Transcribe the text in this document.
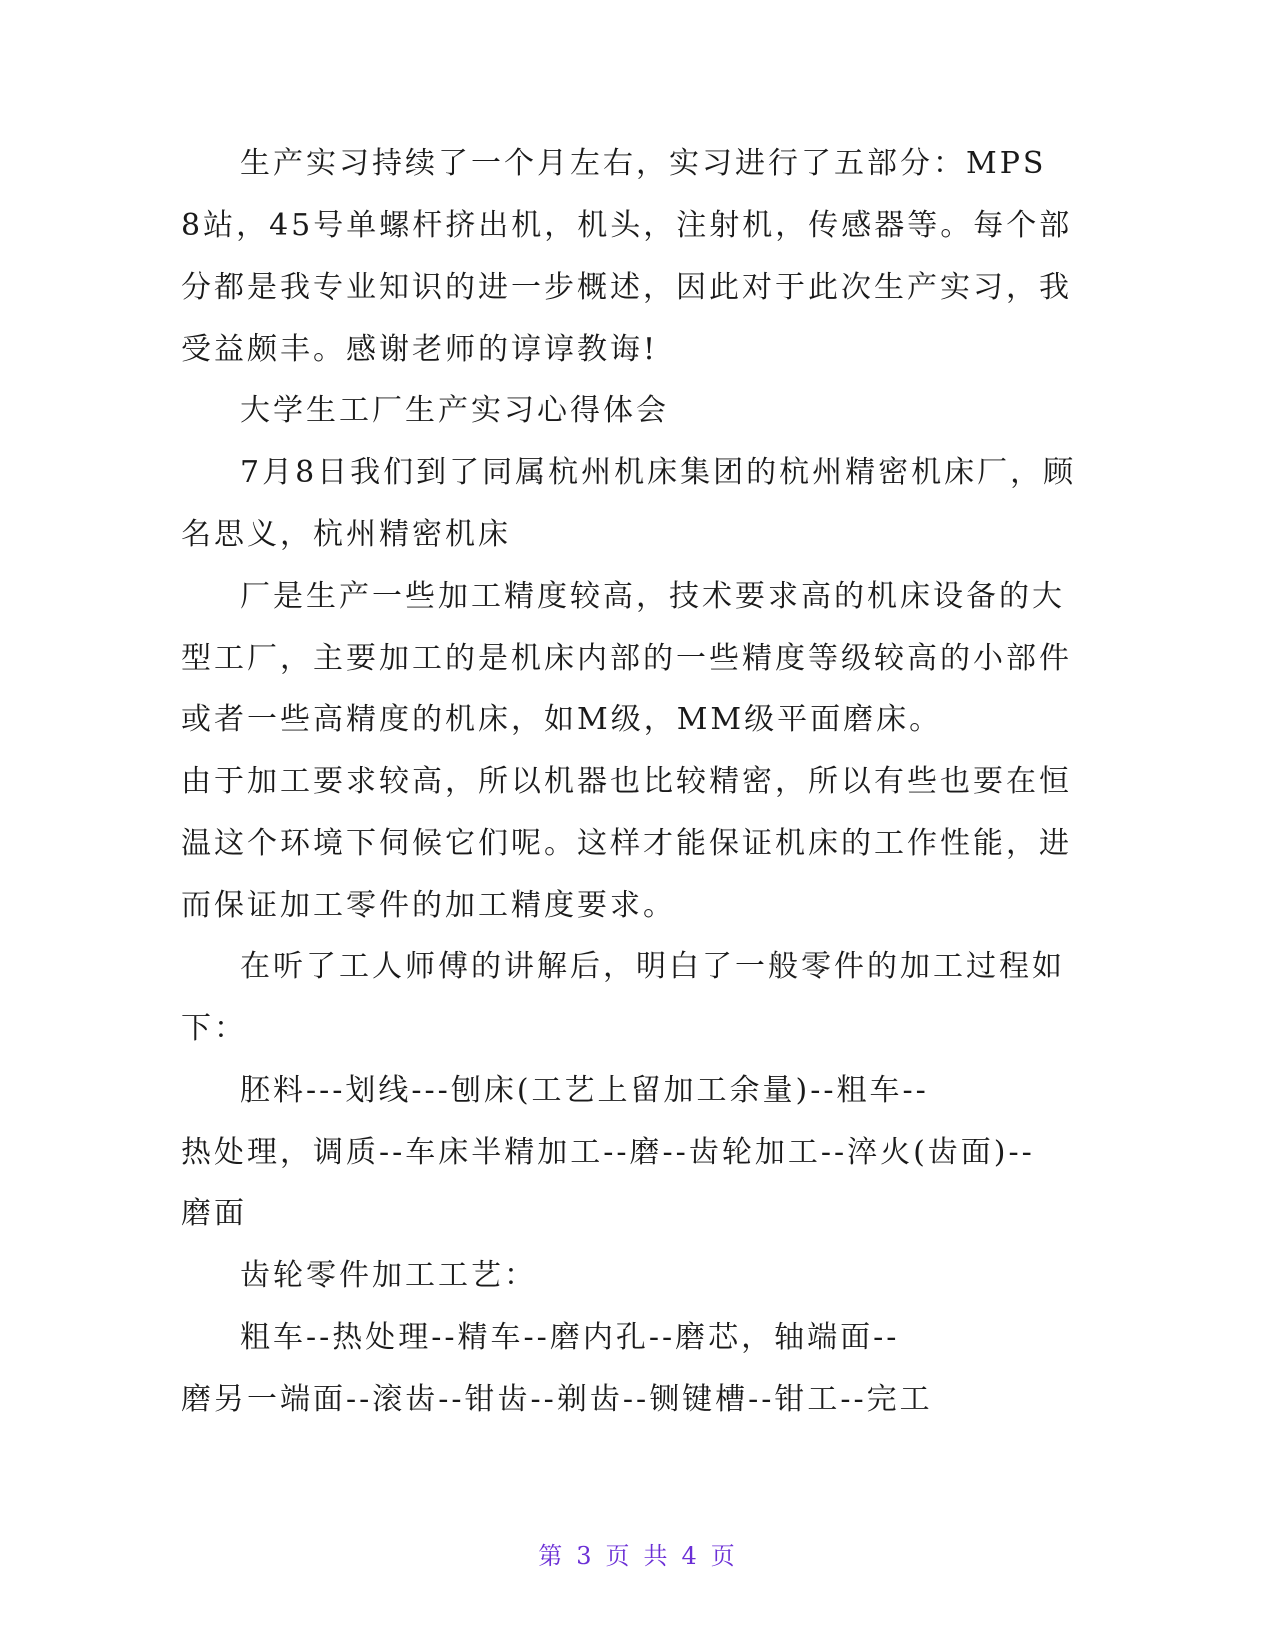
生产实习持续了一个月左右，实习进行了五部分：MPS
8站，45号单螺杆挤出机，机头，注射机，传感器等。每个部
分都是我专业知识的进一步概述，因此对于此次生产实习，我
受益颇丰。感谢老师的谆谆教诲!
大学生工厂生产实习心得体会
7月8日我们到了同属杭州机床集团的杭州精密机床厂，顾
名思义，杭州精密机床
厂是生产一些加工精度较高，技术要求高的机床设备的大
型工厂，主要加工的是机床内部的一些精度等级较高的小部件
或者一些高精度的机床，如M级，MM级平面磨床。
由于加工要求较高，所以机器也比较精密，所以有些也要在恒
温这个环境下伺候它们呢。这样才能保证机床的工作性能，进
而保证加工零件的加工精度要求。
在听了工人师傅的讲解后，明白了一般零件的加工过程如
下：
胚料---划线---刨床(工艺上留加工余量)--粗车--
热处理，调质--车床半精加工--磨--齿轮加工--淬火(齿面)--
磨面
齿轮零件加工工艺：
粗车--热处理--精车--磨内孔--磨芯，轴端面--
磨另一端面--滚齿--钳齿--剃齿--铡键槽--钳工--完工
第 3 页 共 4 页
